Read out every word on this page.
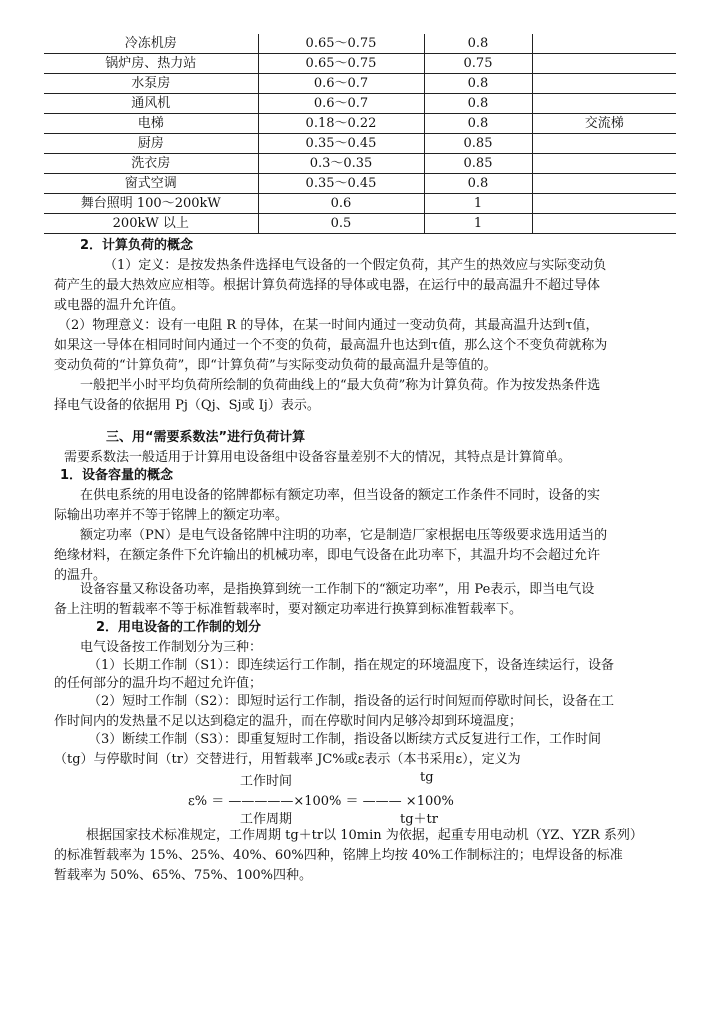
冷冻机房	0.65～0.75	0.8	
锅炉房、热力站	0.65～0.75	0.75	
水泵房	0.6～0.7	0.8	
通风机	0.6～0.7	0.8	
电梯	0.18～0.22	0.8	交流梯
厨房	0.35～0.45	0.85	
洗衣房	0.3～0.35	0.85	
窗式空调	0.35～0.45	0.8	
舞台照明 100～200kW	0.6	1	
200kW 以上	0.5	1	
2．计算负荷的概念
（1）定义：是按发热条件选择电气设备的一个假定负荷，其产生的热效应与实际变动负
荷产生的最大热效应应相等。根据计算负荷选择的导体或电器，在运行中的最高温升不超过导体
或电器的温升允许值。
（2）物理意义：设有一电阻 R 的导体，在某一时间内通过一变动负荷，其最高温升达到τ值，
如果这一导体在相同时间内通过一个不变的负荷，最高温升也达到τ值，那么这个不变负荷就称为
变动负荷的“计算负荷”，即“计算负荷”与实际变动负荷的最高温升是等值的。
一般把半小时平均负荷所绘制的负荷曲线上的“最大负荷”称为计算负荷。作为按发热条件选
择电气设备的依据用 Pj（Qj、Sj或 Ij）表示。
三、用“需要系数法”进行负荷计算
需要系数法一般适用于计算用电设备组中设备容量差别不大的情况，其特点是计算简单。
1．设备容量的概念
在供电系统的用电设备的铭牌都标有额定功率，但当设备的额定工作条件不同时，设备的实
际输出功率并不等于铭牌上的额定功率。
额定功率（PN）是电气设备铭牌中注明的功率，它是制造厂家根据电压等级要求选用适当的
绝缘材料，在额定条件下允许输出的机械功率，即电气设备在此功率下，其温升均不会超过允许
的温升。
设备容量又称设备功率，是指换算到统一工作制下的“额定功率”，用 Pe表示，即当电气设
备上注明的暂载率不等于标准暂载率时，要对额定功率进行换算到标准暂载率下。
2．用电设备的工作制的划分
电气设备按工作制划分为三种：
（1）长期工作制（S1）：即连续运行工作制，指在规定的环境温度下，设备连续运行，设备
的任何部分的温升均不超过允许值；
（2）短时工作制（S2）：即短时运行工作制，指设备的运行时间短而停歇时间长，设备在工
作时间内的发热量不足以达到稳定的温升，而在停歇时间内足够冷却到环境温度；
（3）断续工作制（S3）：即重复短时工作制，指设备以断续方式反复进行工作，工作时间
（tg）与停歇时间（tr）交替进行，用暂载率 JC%或ε表示（本书采用ε），定义为
工作时间	tg
ε% ＝ —————×100% ＝ ——— ×100%
工作周期	tg＋tr
根据国家技术标准规定，工作周期 tg＋tr以 10min 为依据，起重专用电动机（YZ、YZR 系列）
的标准暂载率为 15%、25%、40%、60%四种，铭牌上均按 40%工作制标注的；电焊设备的标准
暂载率为 50%、65%、75%、100%四种。
